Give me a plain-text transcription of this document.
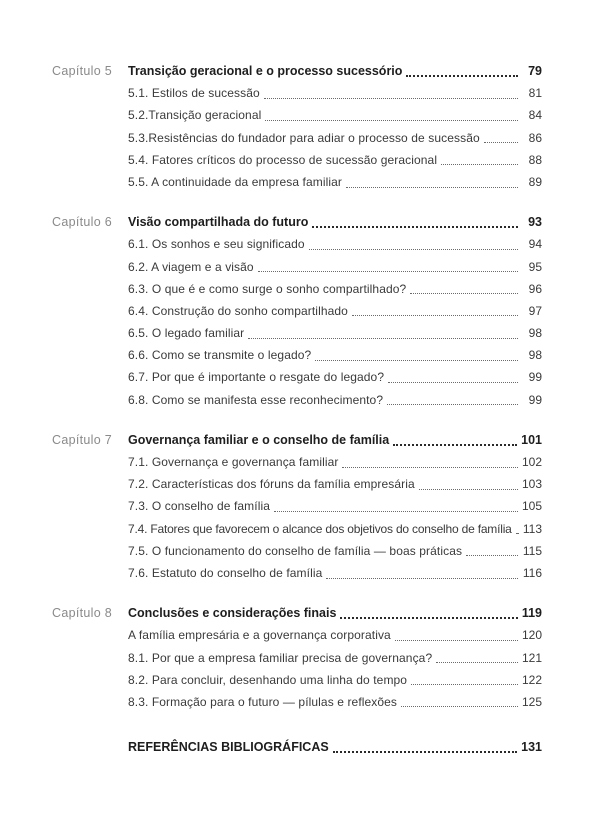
Capítulo 5	Transição geracional e o processo sucessório	79
5.1. Estilos de sucessão	81
5.2.Transição geracional	84
5.3.Resistências do fundador para adiar o processo de sucessão	86
5.4. Fatores críticos do processo de sucessão geracional	88
5.5. A continuidade da empresa familiar	89
Capítulo 6	Visão compartilhada do futuro	93
6.1. Os sonhos e seu significado	94
6.2. A viagem e a visão	95
6.3. O que é e como surge o sonho compartilhado?	96
6.4. Construção do sonho compartilhado	97
6.5. O legado familiar	98
6.6. Como se transmite o legado?	98
6.7. Por que é importante o resgate do legado?	99
6.8. Como se manifesta esse reconhecimento?	99
Capítulo 7	Governança familiar e o conselho de família	101
7.1. Governança e governança familiar	102
7.2. Características dos fóruns da família empresária	103
7.3. O conselho de família	105
7.4. Fatores que favorecem o alcance dos objetivos do conselho de família 113
7.5. O funcionamento do conselho de família — boas práticas	115
7.6. Estatuto do conselho de família	116
Capítulo 8	Conclusões e considerações finais	119
A família empresária e a governança corporativa	120
8.1. Por que a empresa familiar precisa de governança?	121
8.2. Para concluir, desenhando uma linha do tempo	122
8.3. Formação para o futuro — pílulas e reflexões	125
REFERÊNCIAS BIBLIOGRÁFICAS	131
